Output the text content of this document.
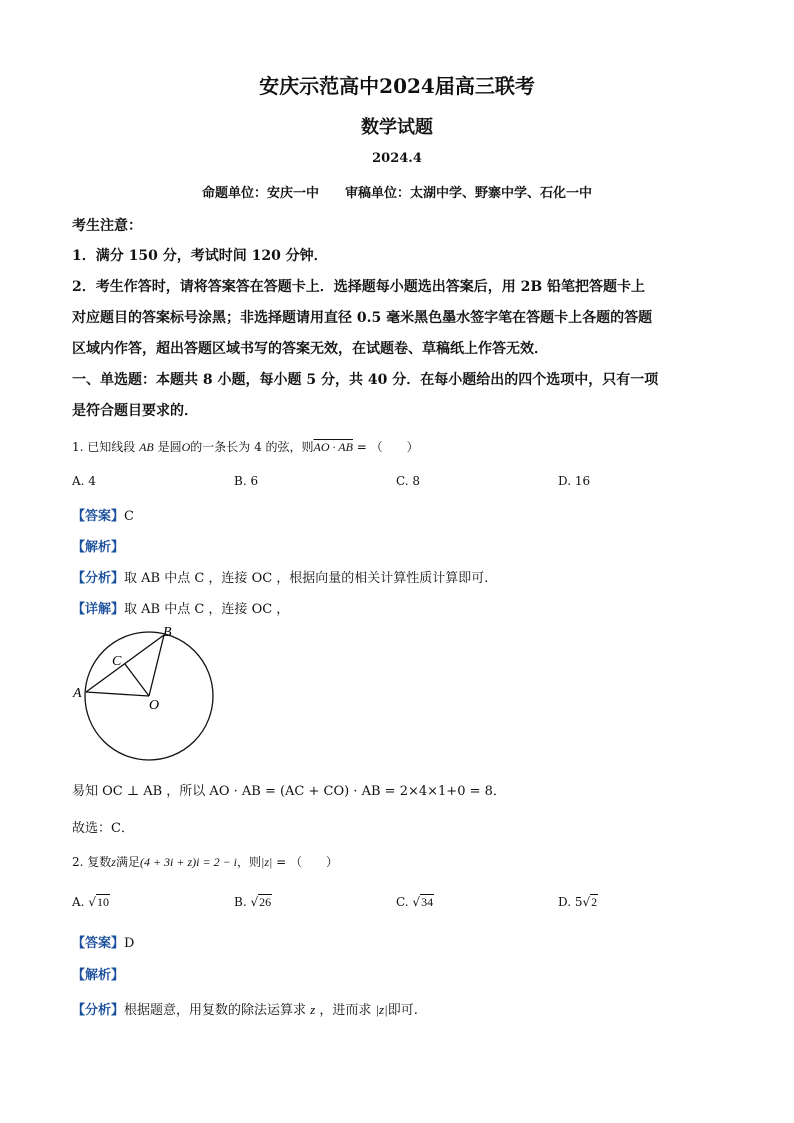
安庆示范高中2024届高三联考
数学试题
2024.4
命题单位：安庆一中　　审稿单位：太湖中学、野寨中学、石化一中
考生注意：
1．满分 150 分，考试时间 120 分钟．
2．考生作答时，请将答案答在答题卡上．选择题每小题选出答案后，用 2B 铅笔把答题卡上
对应题目的答案标号涂黑；非选择题请用直径 0.5 毫米黑色墨水签字笔在答题卡上各题的答题
区域内作答，超出答题区域书写的答案无效，在试题卷、草稿纸上作答无效．
一、单选题：本题共 8 小题，每小题 5 分，共 40 分．在每小题给出的四个选项中，只有一项
是符合题目要求的．
1. 已知线段 AB 是圆O的一条长为 4 的弦，则AO · AB = （　　）
A. 4	B. 6	C. 8	D. 16
【答案】C
【解析】
【分析】取 AB 中点 C ，连接 OC ，根据向量的相关计算性质计算即可.
【详解】取 AB 中点 C ，连接 OC ，
A
B
C
O
易知 OC ⊥ AB ，所以 AO · AB = (AC + CO) · AB = 2×4×1+0 = 8．
故选：C．
2. 复数z满足(4 + 3i + z)i = 2 − i，则|z| = （　　）
A. √10	B. √26	C. √34	D. 5√2
【答案】D
【解析】
【分析】根据题意，用复数的除法运算求 z ，进而求 |z|即可.
